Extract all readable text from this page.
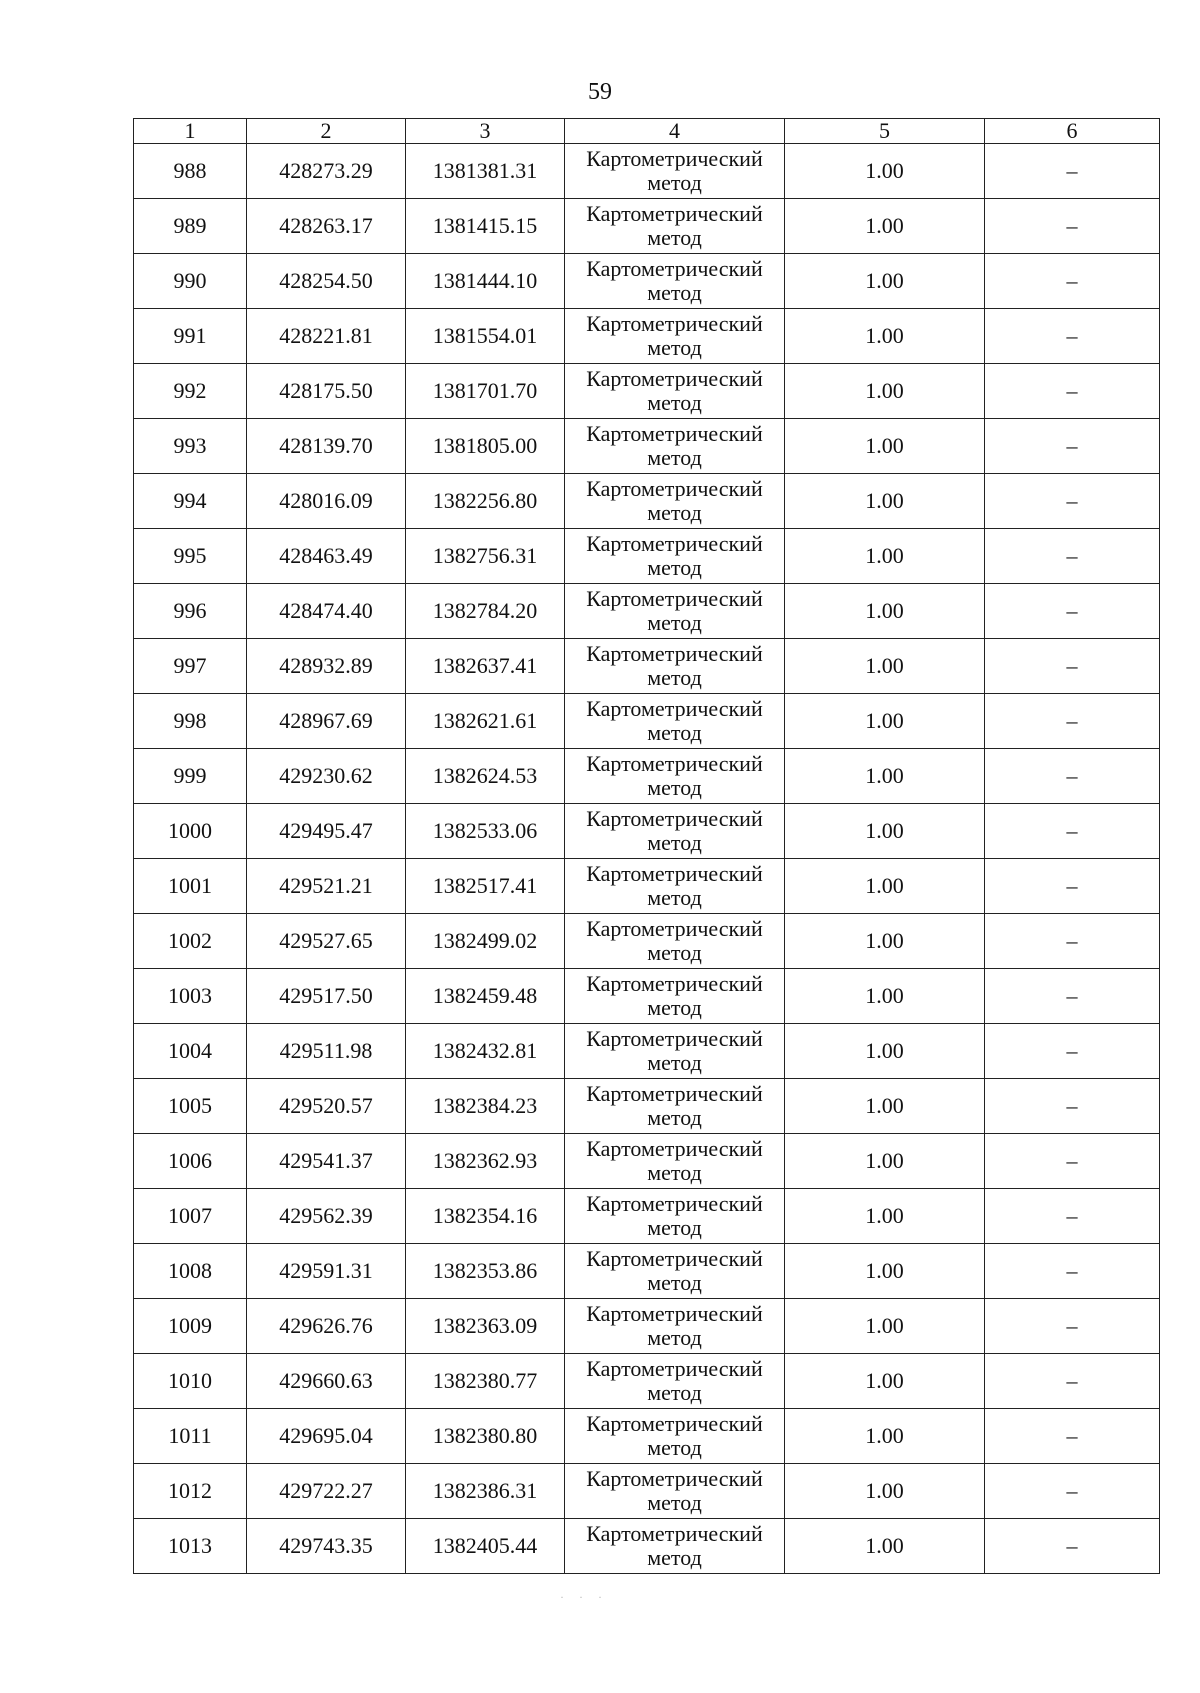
59
1	2	3	4	5	6
988	428273.29	1381381.31	Картометрический метод	1.00	–
989	428263.17	1381415.15	Картометрический метод	1.00	–
990	428254.50	1381444.10	Картометрический метод	1.00	–
991	428221.81	1381554.01	Картометрический метод	1.00	–
992	428175.50	1381701.70	Картометрический метод	1.00	–
993	428139.70	1381805.00	Картометрический метод	1.00	–
994	428016.09	1382256.80	Картометрический метод	1.00	–
995	428463.49	1382756.31	Картометрический метод	1.00	–
996	428474.40	1382784.20	Картометрический метод	1.00	–
997	428932.89	1382637.41	Картометрический метод	1.00	–
998	428967.69	1382621.61	Картометрический метод	1.00	–
999	429230.62	1382624.53	Картометрический метод	1.00	–
1000	429495.47	1382533.06	Картометрический метод	1.00	–
1001	429521.21	1382517.41	Картометрический метод	1.00	–
1002	429527.65	1382499.02	Картометрический метод	1.00	–
1003	429517.50	1382459.48	Картометрический метод	1.00	–
1004	429511.98	1382432.81	Картометрический метод	1.00	–
1005	429520.57	1382384.23	Картометрический метод	1.00	–
1006	429541.37	1382362.93	Картометрический метод	1.00	–
1007	429562.39	1382354.16	Картометрический метод	1.00	–
1008	429591.31	1382353.86	Картометрический метод	1.00	–
1009	429626.76	1382363.09	Картометрический метод	1.00	–
1010	429660.63	1382380.77	Картометрический метод	1.00	–
1011	429695.04	1382380.80	Картометрический метод	1.00	–
1012	429722.27	1382386.31	Картометрический метод	1.00	–
1013	429743.35	1382405.44	Картометрический метод	1.00	–
· · ·
